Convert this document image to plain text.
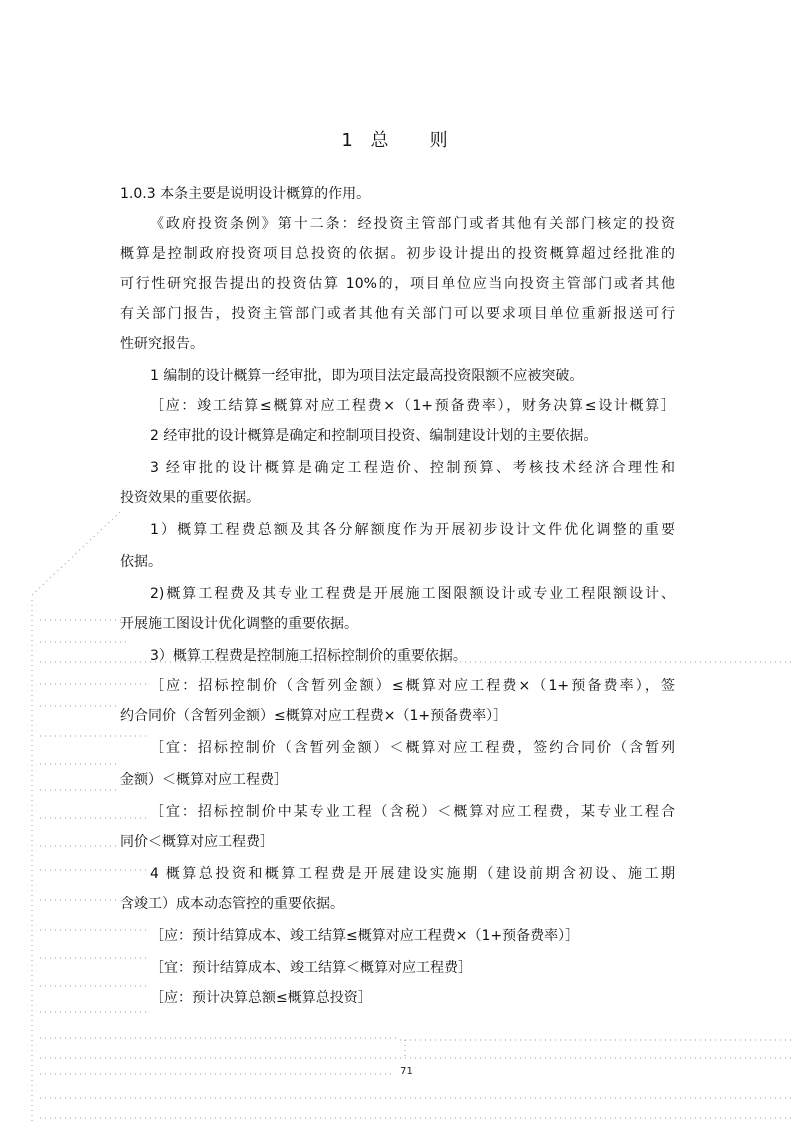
1 总   则
1.0.3 本条主要是说明设计概算的作用。
《政府投资条例》第十二条：经投资主管部门或者其他有关部门核定的投资
概算是控制政府投资项目总投资的依据。初步设计提出的投资概算超过经批准的
可行性研究报告提出的投资估算 10%的，项目单位应当向投资主管部门或者其他
有关部门报告，投资主管部门或者其他有关部门可以要求项目单位重新报送可行
性研究报告。
1 编制的设计概算一经审批，即为项目法定最高投资限额不应被突破。
［应：竣工结算≤概算对应工程费×（1+预备费率），财务决算≤设计概算］
2 经审批的设计概算是确定和控制项目投资、编制建设计划的主要依据。
3 经审批的设计概算是确定工程造价、控制预算、考核技术经济合理性和
投资效果的重要依据。
1）概算工程费总额及其各分解额度作为开展初步设计文件优化调整的重要
依据。
2)概算工程费及其专业工程费是开展施工图限额设计或专业工程限额设计、
开展施工图设计优化调整的重要依据。
3）概算工程费是控制施工招标控制价的重要依据。
［应：招标控制价（含暂列金额）≤概算对应工程费×（1+预备费率），签
约合同价（含暂列金额）≤概算对应工程费×（1+预备费率）］
［宜：招标控制价（含暂列金额）＜概算对应工程费，签约合同价（含暂列
金额）＜概算对应工程费］
［宜：招标控制价中某专业工程（含税）＜概算对应工程费，某专业工程合
同价＜概算对应工程费］
4 概算总投资和概算工程费是开展建设实施期（建设前期含初设、施工期
含竣工）成本动态管控的重要依据。
［应：预计结算成本、竣工结算≤概算对应工程费×（1+预备费率）］
［宜：预计结算成本、竣工结算＜概算对应工程费］
［应：预计决算总额≤概算总投资］
71
